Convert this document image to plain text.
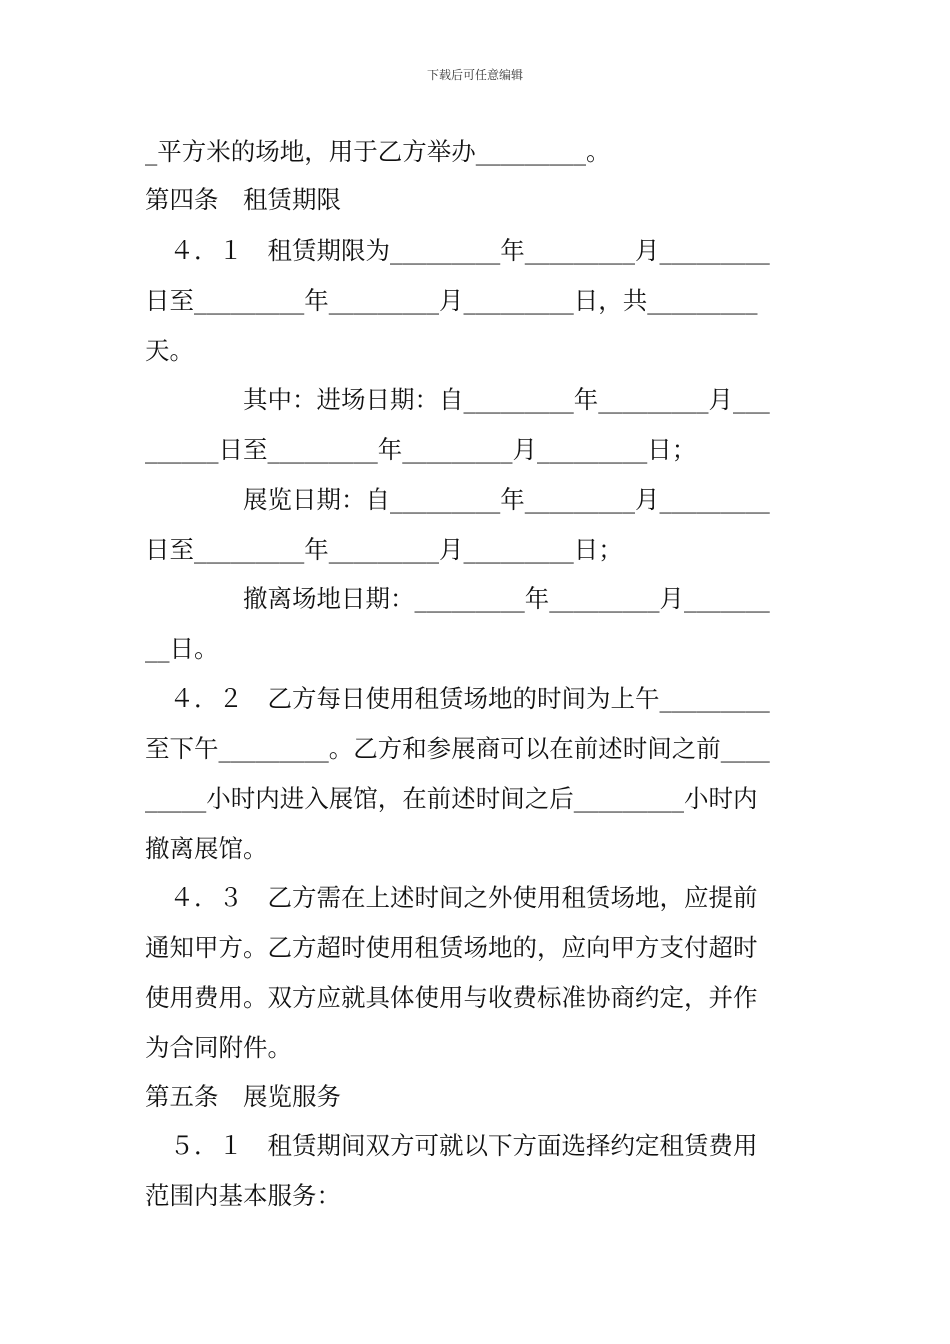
下载后可任意编辑
_平方米的场地，用于乙方举办_________。
第四条　租赁期限
　４．１　租赁期限为_________年_________月_________
日至_________年_________月_________日，共_________
天。
　　　　其中：进场日期：自_________年_________月___
______日至_________年_________月_________日；
　　　　展览日期：自_________年_________月_________
日至_________年_________月_________日；
　　　　撤离场地日期：_________年_________月_______
__日。
　４．２　乙方每日使用租赁场地的时间为上午_________
至下午_________。乙方和参展商可以在前述时间之前____
_____小时内进入展馆，在前述时间之后_________小时内
撤离展馆。
　４．３　乙方需在上述时间之外使用租赁场地，应提前
通知甲方。乙方超时使用租赁场地的，应向甲方支付超时
使用费用。双方应就具体使用与收费标准协商约定，并作
为合同附件。
第五条　展览服务
　５．１　租赁期间双方可就以下方面选择约定租赁费用
范围内基本服务：
